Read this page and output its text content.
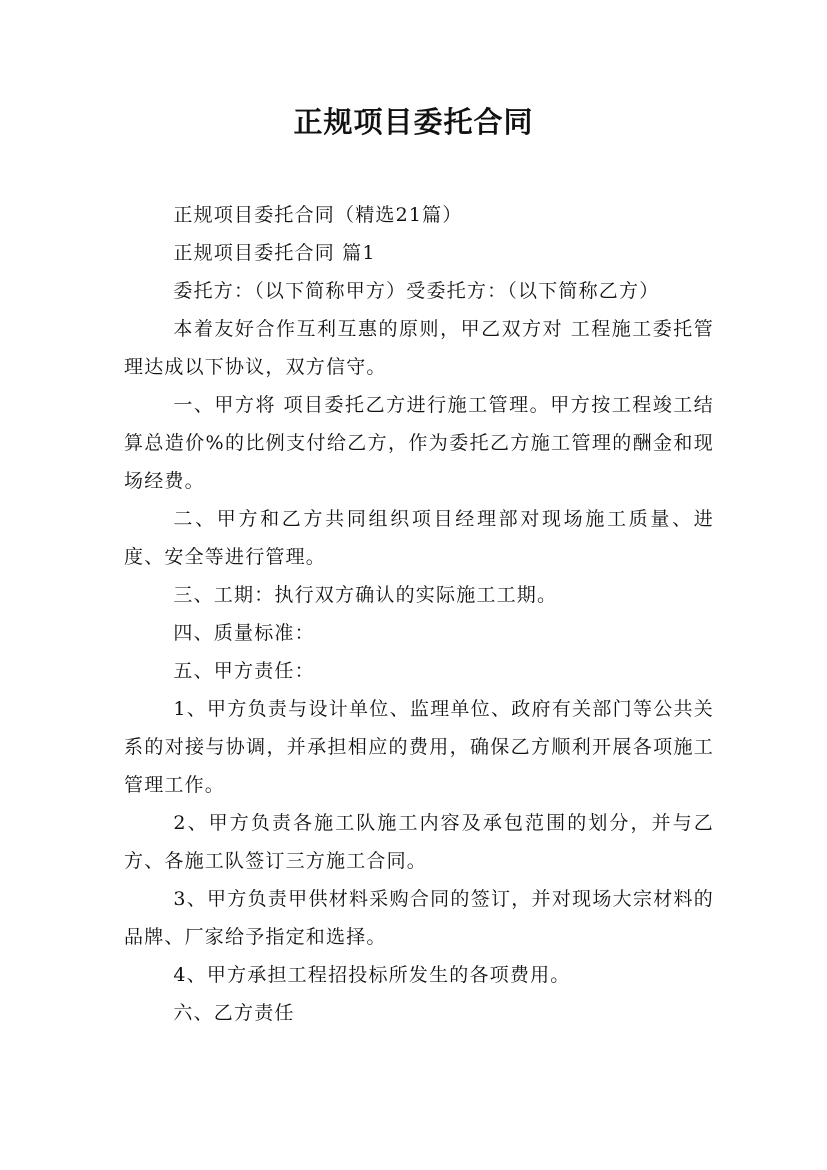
正规项目委托合同

正规项目委托合同（精选21篇）

正规项目委托合同 篇1

委托方：（以下简称甲方）受委托方：（以下简称乙方）

本着友好合作互利互惠的原则，甲乙双方对 工程施工委托管理达成以下协议，双方信守。

一、甲方将 项目委托乙方进行施工管理。甲方按工程竣工结算总造价%的比例支付给乙方，作为委托乙方施工管理的酬金和现场经费。

二、甲方和乙方共同组织项目经理部对现场施工质量、进度、安全等进行管理。

三、工期：执行双方确认的实际施工工期。

四、质量标准：

五、甲方责任：

1、甲方负责与设计单位、监理单位、政府有关部门等公共关系的对接与协调，并承担相应的费用，确保乙方顺利开展各项施工管理工作。

2、甲方负责各施工队施工内容及承包范围的划分，并与乙方、各施工队签订三方施工合同。

3、甲方负责甲供材料采购合同的签订，并对现场大宗材料的品牌、厂家给予指定和选择。

4、甲方承担工程招投标所发生的各项费用。

六、乙方责任
